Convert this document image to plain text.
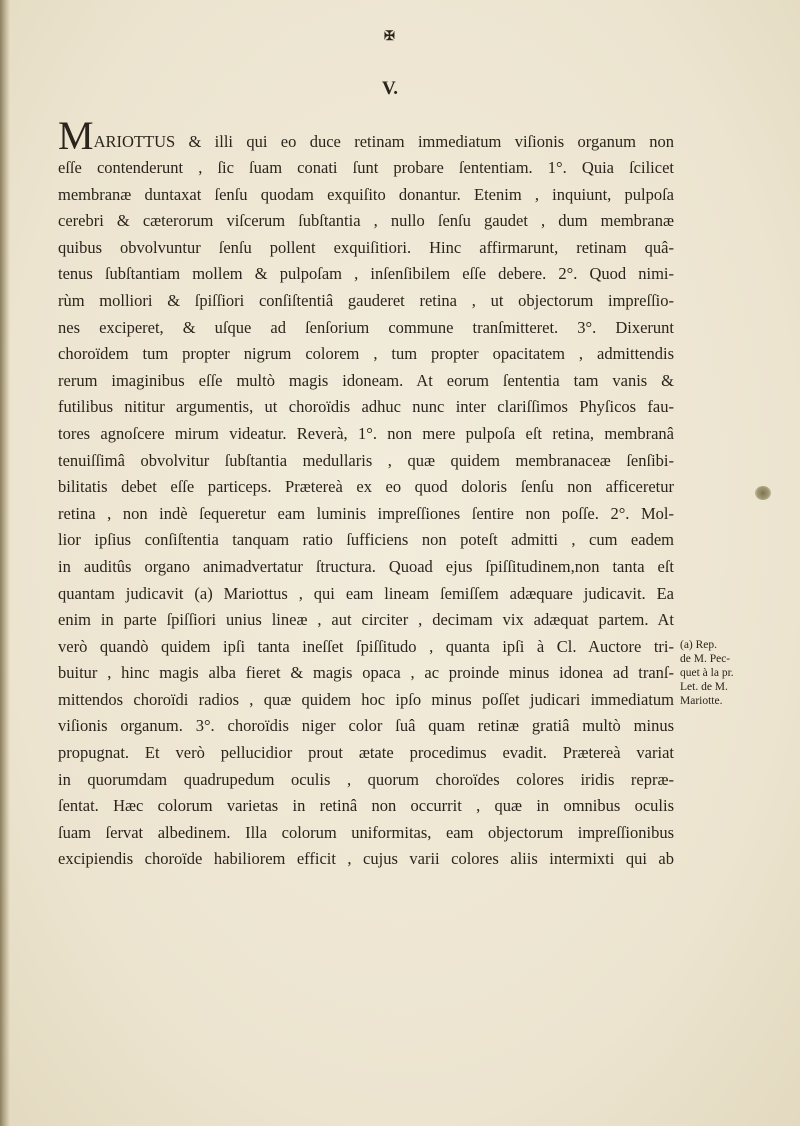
✠
V.
MARIOTTUS & illi qui eo duce retinam immediatum viſionis organum non
eſſe contenderunt , ſic ſuam conati ſunt probare ſententiam. 1°. Quia ſcilicet
membranæ duntaxat ſenſu quodam exquiſito donantur. Etenim , inquiunt, pulpoſa
cerebri & cæterorum viſcerum ſubſtantia , nullo ſenſu gaudet , dum membranæ
quibus obvolvuntur ſenſu pollent exquiſitiori. Hinc affirmarunt, retinam quâ-
tenus ſubſtantiam mollem & pulpoſam , inſenſibilem eſſe debere. 2°. Quod nimi-
rùm molliori & ſpiſſiori conſiſtentiâ gauderet retina , ut objectorum impreſſio-
nes exciperet, & uſque ad ſenſorium commune tranſmitteret. 3°. Dixerunt
choroïdem tum propter nigrum colorem , tum propter opacitatem , admittendis
rerum imaginibus eſſe multò magis idoneam. At eorum ſententia tam vanis &
futilibus nititur argumentis, ut choroïdis adhuc nunc inter clariſſimos Phyſicos fau-
tores agnoſcere mirum videatur. Reverà, 1°. non mere pulpoſa eſt retina, membranâ
tenuiſſimâ obvolvitur ſubſtantia medullaris , quæ quidem membranaceæ ſenſibi-
bilitatis debet eſſe particeps. Prætereà ex eo quod doloris ſenſu non afficeretur
retina , non indè ſequeretur eam luminis impreſſiones ſentire non poſſe. 2°. Mol-
lior ipſius conſiſtentia tanquam ratio ſufficiens non poteſt admitti , cum eadem
in auditûs organo animadvertatur ſtructura. Quoad ejus ſpiſſitudinem,non tanta eſt
quantam judicavit (a) Mariottus , qui eam lineam ſemiſſem adæquare judicavit. Ea
enim in parte ſpiſſiori unius lineæ , aut circiter , decimam vix adæquat partem. At
verò quandò quidem ipſi tanta ineſſet ſpiſſitudo , quanta ipſi à Cl. Auctore tri-
buitur , hinc magis alba fieret & magis opaca , ac proinde minus idonea ad tranſ-
mittendos choroïdi radios , quæ quidem hoc ipſo minus poſſet judicari immediatum
viſionis organum. 3°. choroïdis niger color ſuâ quam retinæ gratiâ multò minus
propugnat. Et verò pellucidior prout ætate procedimus evadit. Prætereà variat
in quorumdam quadrupedum oculis , quorum choroïdes colores iridis repræ-
ſentat. Hæc colorum varietas in retinâ non occurrit , quæ in omnibus oculis
ſuam ſervat albedinem. Illa colorum uniformitas, eam objectorum impreſſionibus
excipiendis choroïde habiliorem efficit , cujus varii colores aliis intermixti qui ab
(a) Rep.
de M. Pec-
quet à la pr.
Let. de M.
Mariotte.
